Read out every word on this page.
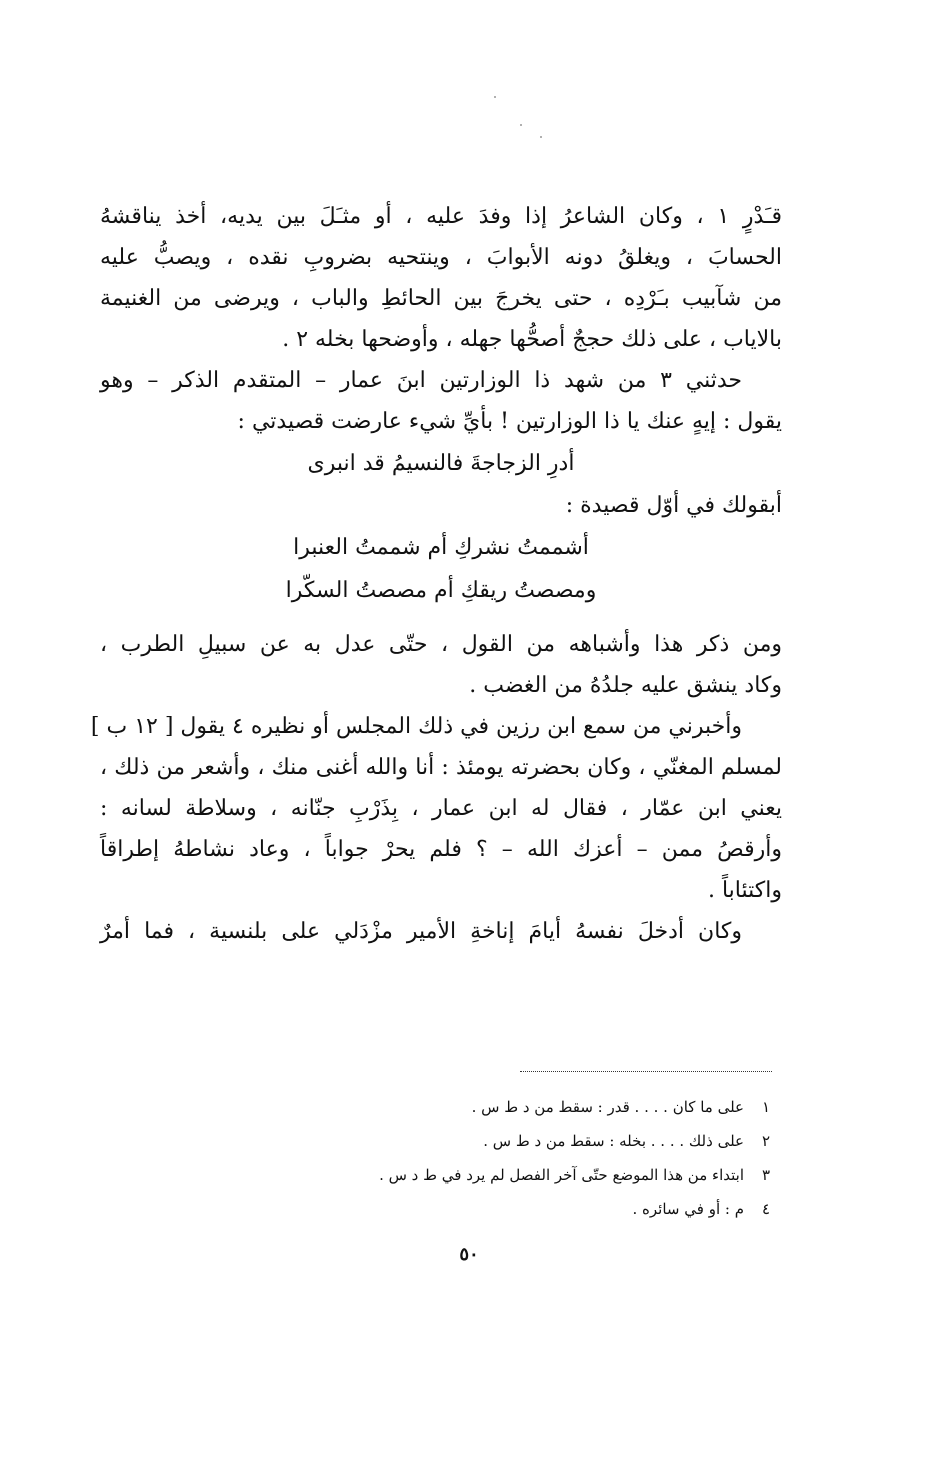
قـَدْرٍ ١ ، وكان الشاعرُ إذا وفدَ عليه ، أو مثـَلَ بين يديه، أخذ يناقشهُ
الحسابَ ، ويغلقُ دونه الأبوابَ ، وينتحيه بضروبِ نقده ، ويصبُّ عليه
من شآبيب بـَرْدِه ، حتى يخرجَ بين الحائطِ والباب ، ويرضى من الغنيمة
بالاياب ، على ذلك حججٌ أصحُّها جهله ، وأوضحها بخله ٢ .
حدثني ٣ من شهد ذا الوزارتين ابنَ عمار – المتقدم الذكر – وهو
يقول : إيهٍ عنك يا ذا الوزارتين ! بأيِّ شيء عارضت قصيدتي :
أدرِ الزجاجةَ فالنسيمُ قد انبرى
أبقولك في أوّل قصيدة :
أشممتُ نشركِ أم شممتُ العنبرا
ومصصتُ ريقكِ أم مصصتُ السكّرا
ومن ذكر هذا وأشباهه من القول ، حتّى عدل به عن سبيلِ الطرب ،
وكاد ينشق عليه جلدُهُ من الغضب .
وأخبرني من سمع ابن رزين في ذلك المجلس أو نظيره ٤ يقول [ ١٢ ب ]
لمسلم المغنّي ، وكان بحضرته يومئذ : أنا والله أغنى منك ، وأشعر من ذلك ،
يعني ابن عمّار ، فقال له ابن عمار ، بِذَرْبِ جنّانه ، وسلاطة لسانه :
وأرقصُ ممن – أعزك الله – ؟ فلم يحرْ جواباً ، وعاد نشاطهُ إطراقاً
واكتئاباً .
وكان أدخلَ نفسهُ أيامَ إناخةِ الأمير مزْدَلي على بلنسية ، فما أمرٌ
١على ما كان . . . . قدر : سقط من د ط س .
٢على ذلك . . . . بخله : سقط من د ط س .
٣ابتداء من هذا الموضع حتّى آخر الفصل لم يرد في ط د س .
٤م : أو في سائره .
٥٠
